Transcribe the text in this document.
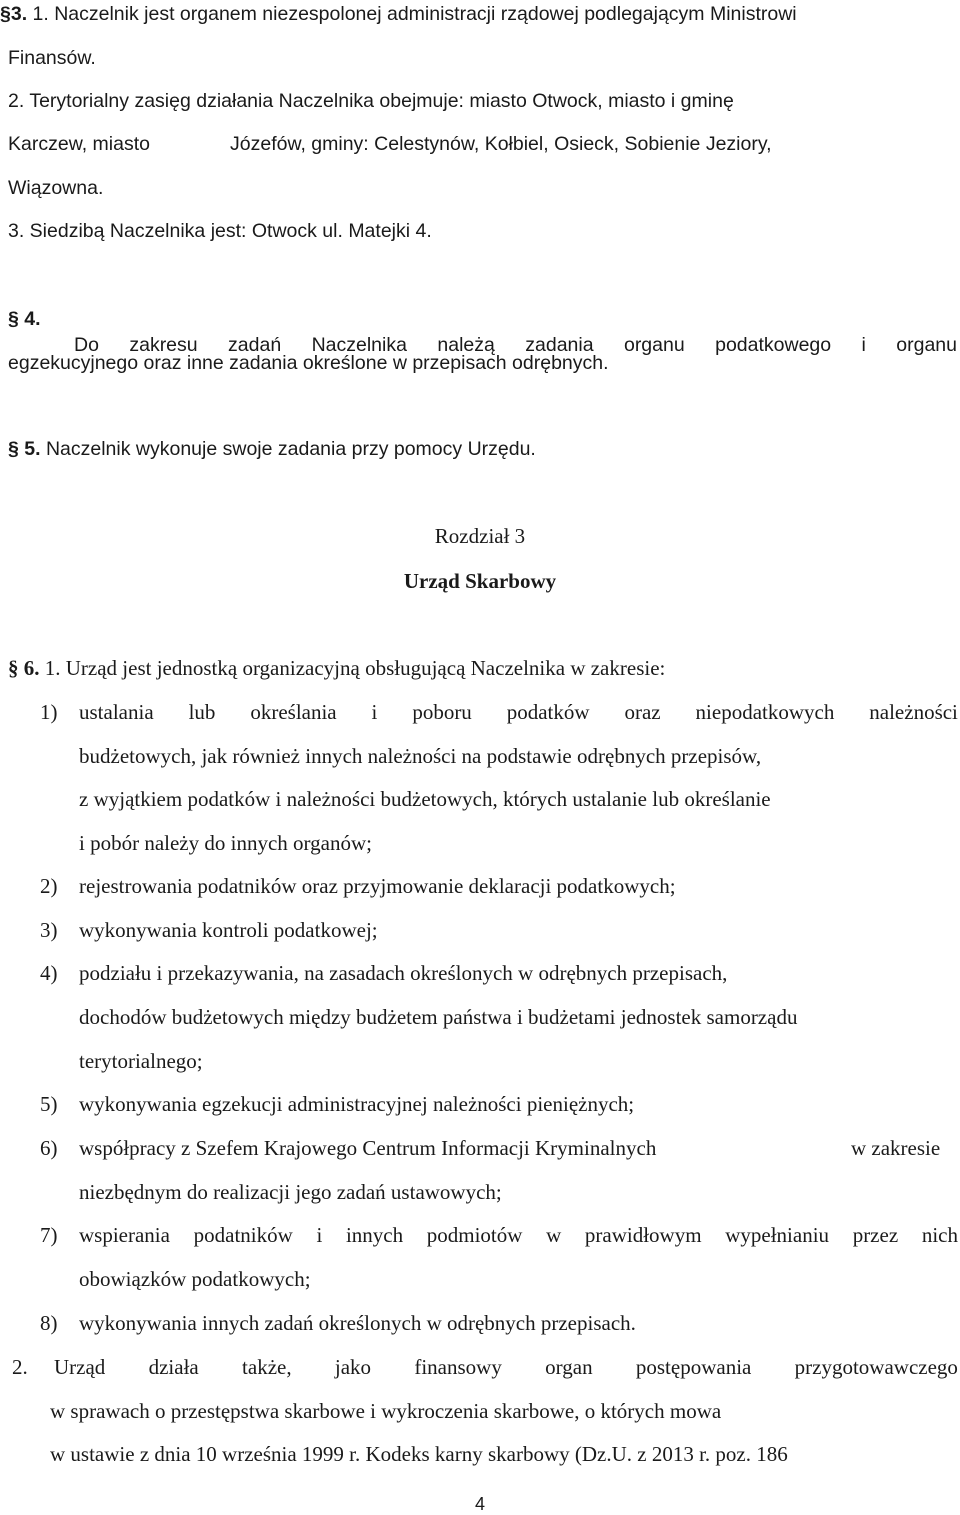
§3. 1. Naczelnik jest organem niezespolonej administracji rządowej podlegającym Ministrowi
Finansów.
2. Terytorialny zasięg działania Naczelnika obejmuje: miasto Otwock, miasto i gminę
Karczew, miasto	Józefów, gminy: Celestynów, Kołbiel, Osieck, Sobienie Jeziory,
Wiązowna.
3. Siedzibą Naczelnika jest: Otwock ul. Matejki 4.
§ 4.
Do zakresu zadań Naczelnika należą zadania organu podatkowego i organu
egzekucyjnego oraz inne zadania określone w przepisach odrębnych.
§ 5. Naczelnik wykonuje swoje zadania przy pomocy Urzędu.
Rozdział 3
Urząd Skarbowy
§ 6. 1. Urząd jest jednostką organizacyjną obsługującą Naczelnika w zakresie:
1) ustalania lub określania i poboru podatków oraz niepodatkowych należności
budżetowych, jak również innych należności na podstawie odrębnych przepisów,
z wyjątkiem podatków i należności budżetowych, których ustalanie lub określanie
i pobór należy do innych organów;
2) rejestrowania podatników oraz przyjmowanie deklaracji podatkowych;
3) wykonywania kontroli podatkowej;
4) podziału i przekazywania, na zasadach określonych w odrębnych przepisach,
dochodów budżetowych między budżetem państwa i budżetami jednostek samorządu
terytorialnego;
5) wykonywania egzekucji administracyjnej należności pieniężnych;
6) współpracy z Szefem Krajowego Centrum Informacji Kryminalnych	w zakresie
niezbędnym do realizacji jego zadań ustawowych;
7) wspierania podatników i innych podmiotów w prawidłowym wypełnianiu przez nich
obowiązków podatkowych;
8) wykonywania innych zadań określonych w odrębnych przepisach.
2. Urząd działa także, jako finansowy organ postępowania przygotowawczego
w sprawach o przestępstwa skarbowe i wykroczenia skarbowe, o których mowa
w ustawie z dnia 10 września 1999 r. Kodeks karny skarbowy (Dz.U. z 2013 r. poz. 186
4
